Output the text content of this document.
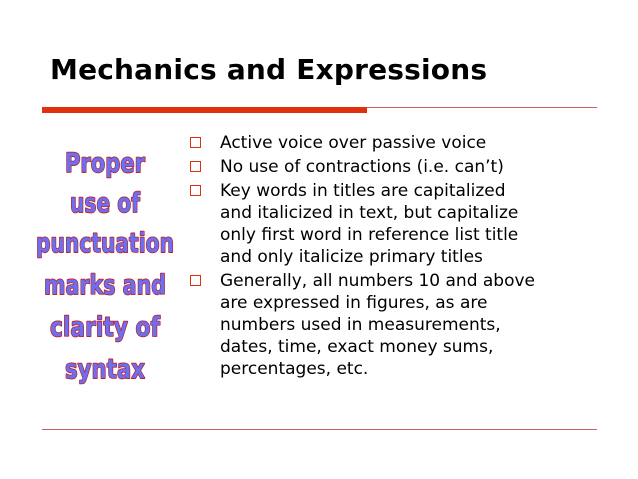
Mechanics and Expressions
Proper
use of
punctuation
marks and
clarity of
syntax
Active voice over passive voice
No use of contractions (i.e. can’t)
Key words in titles are capitalized
and italicized in text, but capitalize
only first word in reference list title
and only italicize primary titles
Generally, all numbers 10 and above
are expressed in figures, as are
numbers used in measurements,
dates, time, exact money sums,
percentages, etc.
